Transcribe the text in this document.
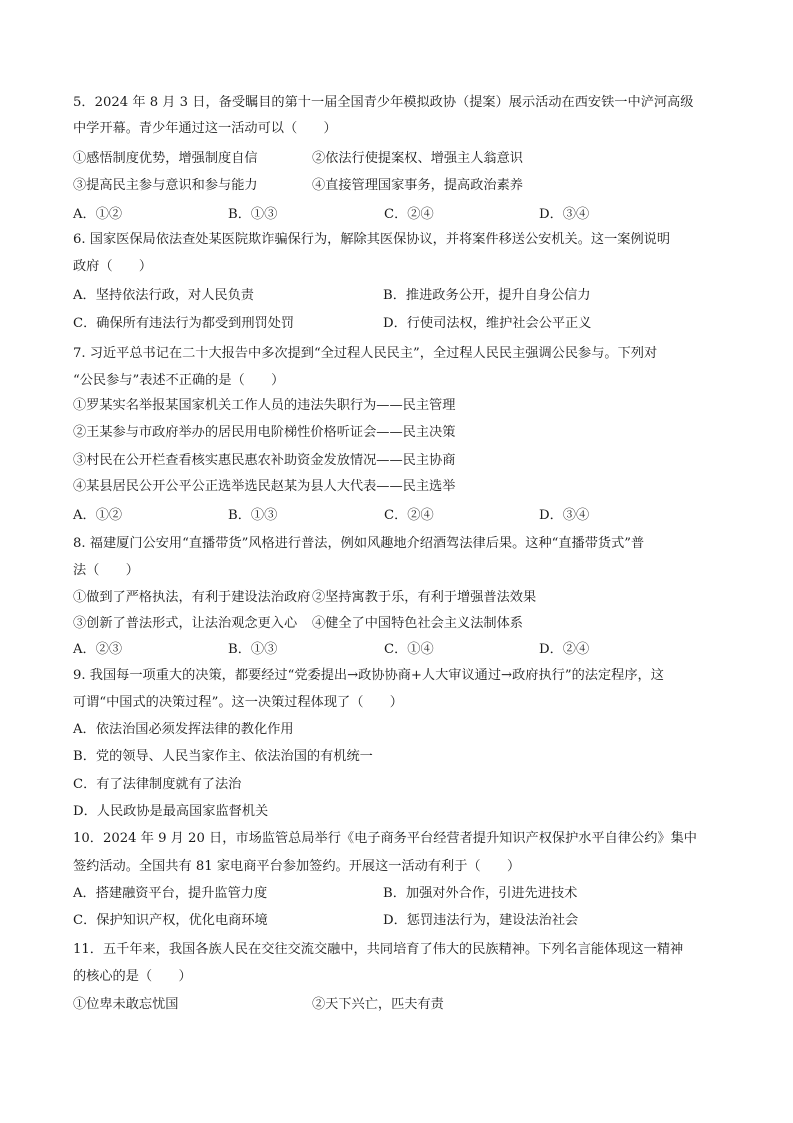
5．2024 年 8 月 3 日，备受瞩目的第十一届全国青少年模拟政协（提案）展示活动在西安铁一中浐河高级
中学开幕。青少年通过这一活动可以（　　）
①感悟制度优势，增强制度自信	②依法行使提案权、增强主人翁意识
③提高民主参与意识和参与能力	④直接管理国家事务，提高政治素养
A．①②	B．①③	C．②④	D．③④
6. 国家医保局依法查处某医院欺诈骗保行为，解除其医保协议，并将案件移送公安机关。这一案例说明
政府（　　）
A．坚持依法行政，对人民负责	B．推进政务公开，提升自身公信力
C．确保所有违法行为都受到刑罚处罚	D．行使司法权，维护社会公平正义
7. 习近平总书记在二十大报告中多次提到“全过程人民民主”，全过程人民民主强调公民参与。下列对
“公民参与”表述不正确的是（　　）
①罗某实名举报某国家机关工作人员的违法失职行为——民主管理
②王某参与市政府举办的居民用电阶梯性价格听证会——民主决策
③村民在公开栏查看核实惠民惠农补助资金发放情况——民主协商
④某县居民公开公平公正选举选民赵某为县人大代表——民主选举
A．①②	B．①③	C．②④	D．③④
8. 福建厦门公安用“直播带货”风格进行普法，例如风趣地介绍酒驾法律后果。这种“直播带货式”普
法（　　）
①做到了严格执法，有利于建设法治政府 ②坚持寓教于乐，有利于增强普法效果
③创新了普法形式，让法治观念更入心 ④健全了中国特色社会主义法制体系
A．②③	B．①③	C．①④	D．②④
9. 我国每一项重大的决策，都要经过“党委提出→政协协商+人大审议通过→政府执行”的法定程序，这
可谓“中国式的决策过程”。这一决策过程体现了（　　）
A．依法治国必须发挥法律的教化作用
B．党的领导、人民当家作主、依法治国的有机统一
C．有了法律制度就有了法治
D．人民政协是最高国家监督机关
10．2024 年 9 月 20 日，市场监管总局举行《电子商务平台经营者提升知识产权保护水平自律公约》集中
签约活动。全国共有 81 家电商平台参加签约。开展这一活动有利于（　　）
A．搭建融资平台，提升监管力度	B．加强对外合作，引进先进技术
C．保护知识产权，优化电商环境	D．惩罚违法行为，建设法治社会
11．五千年来，我国各族人民在交往交流交融中，共同培育了伟大的民族精神。下列名言能体现这一精神
的核心的是（　　）
①位卑未敢忘忧国	②天下兴亡，匹夫有责
